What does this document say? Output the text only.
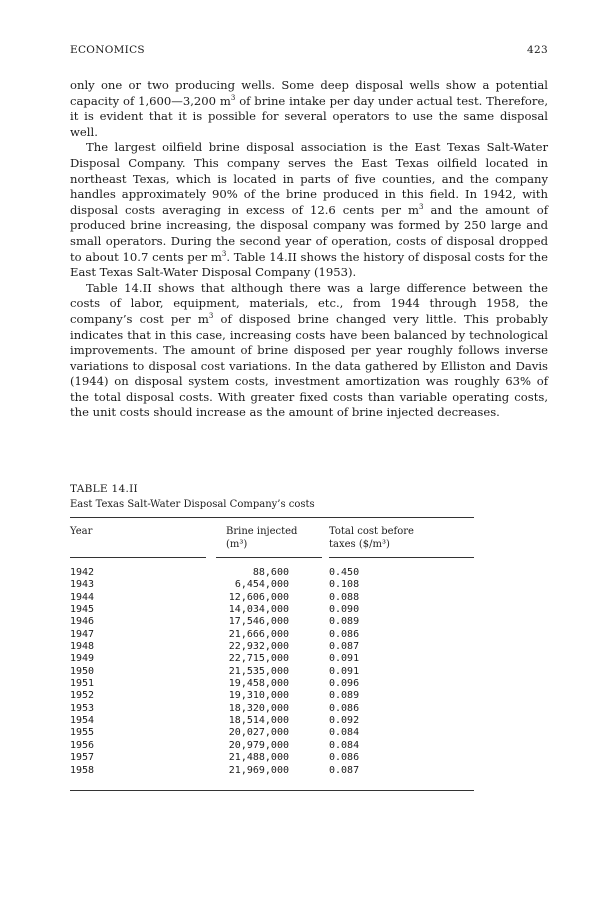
ECONOMICS	423

only one or two producing wells. Some deep disposal wells show a potential capacity of 1,600—3,200 $m^3$ of brine intake per day under actual test. Therefore, it is evident that it is possible for several operators to use the same disposal well.

The largest oilfield brine disposal association is the East Texas Salt-Water Disposal Company. This company serves the East Texas oilfield located in northeast Texas, which is located in parts of five counties, and the company handles approximately 90% of the brine produced in this field. In 1942, with disposal costs averaging in excess of 12.6 cents per $m^3$ and the amount of produced brine increasing, the disposal company was formed by 250 large and small operators. During the second year of operation, costs of disposal dropped to about 10.7 cents per $m^3$. Table 14.II shows the history of disposal costs for the East Texas Salt-Water Disposal Company (1953).

Table 14.II shows that although there was a large difference between the costs of labor, equipment, materials, etc., from 1944 through 1958, the company’s cost per $m^3$ of disposed brine changed very little. This probably indicates that in this case, increasing costs have been balanced by technological improvements. The amount of brine disposed per year roughly follows inverse variations to disposal cost variations. In the data gathered by Elliston and Davis (1944) on disposal system costs, investment amortization was roughly 63% of the total disposal costs. With greater fixed costs than variable operating costs, the unit costs should increase as the amount of brine injected decreases.

TABLE 14.II
East Texas Salt-Water Disposal Company’s costs
Year	Brine injected
(m³)
Total cost before
taxes ($/m³)
1942	88,600	0.450
1943	6,454,000	0.108
1944	12,606,000	0.088
1945	14,034,000	0.090
1946	17,546,000	0.089
1947	21,666,000	0.086
1948	22,932,000	0.087
1949	22,715,000	0.091
1950	21,535,000	0.091
1951	19,458,000	0.096
1952	19,310,000	0.089
1953	18,320,000	0.086
1954	18,514,000	0.092
1955	20,027,000	0.084
1956	20,979,000	0.084
1957	21,488,000	0.086
1958	21,969,000	0.087
